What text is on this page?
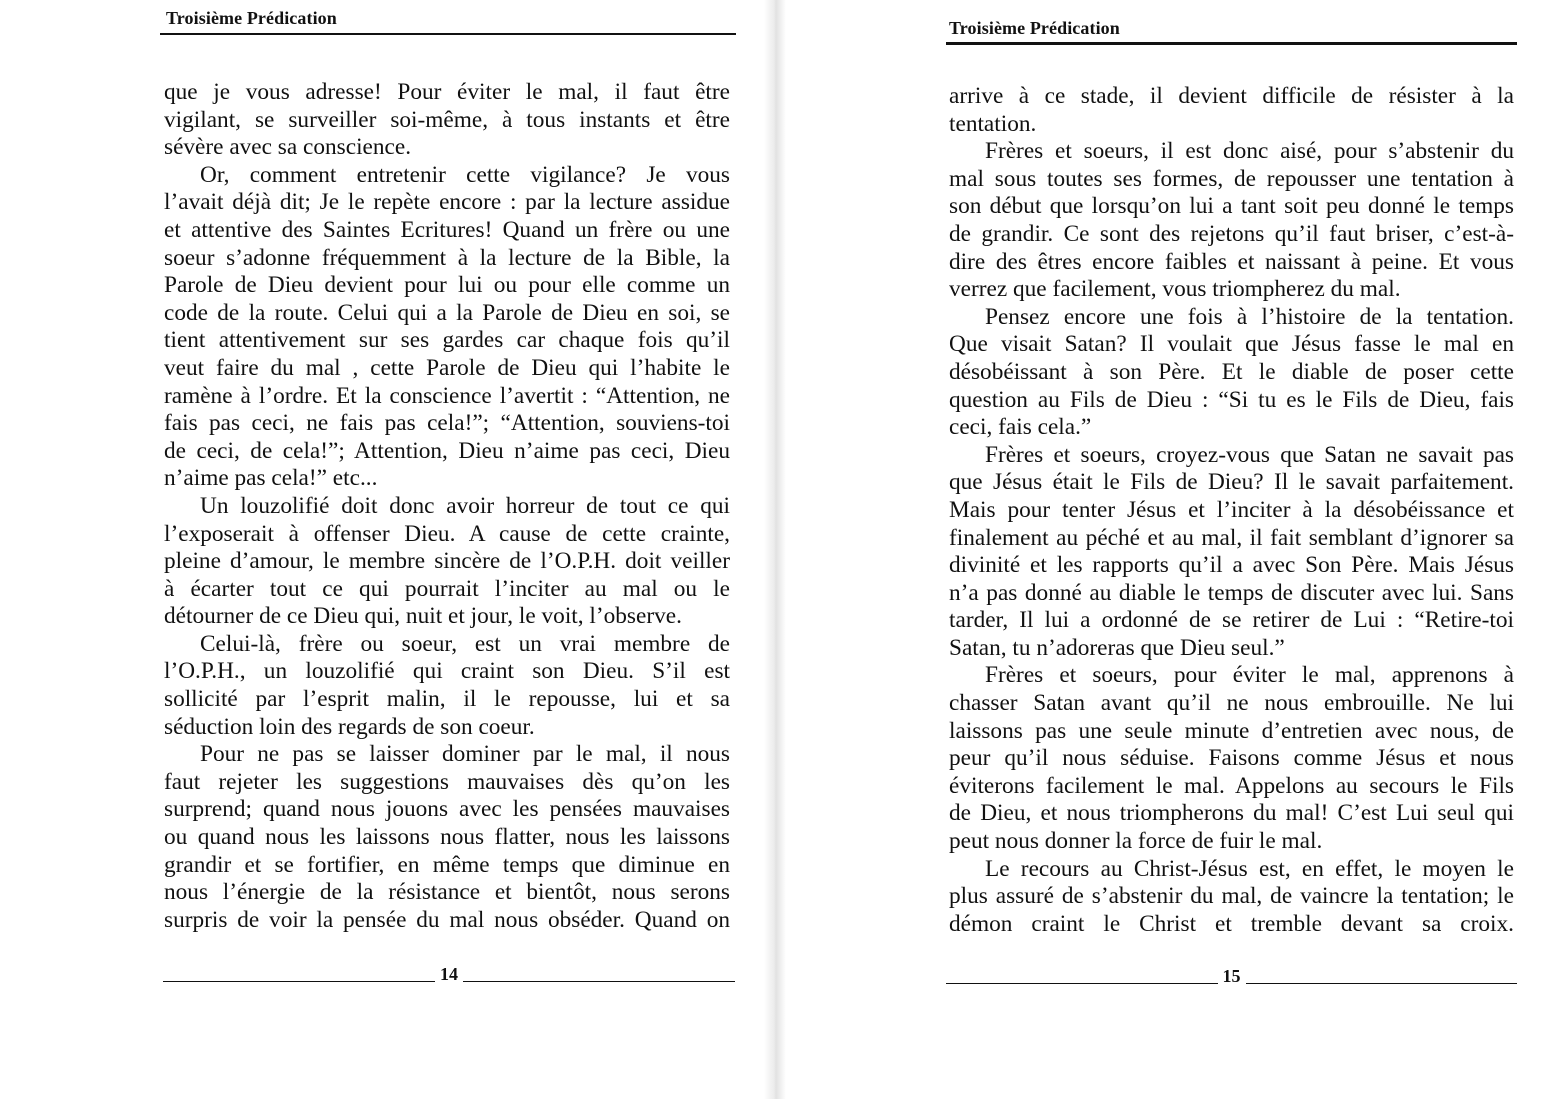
Troisième Prédication
que je vous adresse! Pour éviter le mal, il faut être
vigilant, se surveiller soi-même, à tous instants et être
sévère avec sa conscience.
Or, comment entretenir cette vigilance? Je vous
l’avait déjà dit; Je le repète encore : par la lecture assidue
et attentive des Saintes Ecritures! Quand un frère ou une
soeur s’adonne fréquemment à la lecture de la Bible, la
Parole de Dieu devient pour lui ou pour elle comme un
code de la route. Celui qui a la Parole de Dieu en soi, se
tient attentivement sur ses gardes car chaque fois qu’il
veut faire du mal , cette Parole de Dieu qui l’habite le
ramène à l’ordre. Et la conscience l’avertit : “Attention, ne
fais pas ceci, ne fais pas cela!”; “Attention, souviens-toi
de ceci, de cela!”; Attention, Dieu n’aime pas ceci, Dieu
n’aime pas cela!” etc...
Un louzolifié doit donc avoir horreur de tout ce qui
l’exposerait à offenser Dieu. A cause de cette crainte,
pleine d’amour, le membre sincère de l’O.P.H. doit veiller
à écarter tout ce qui pourrait l’inciter au mal ou le
détourner de ce Dieu qui, nuit et jour, le voit, l’observe.
Celui-là, frère ou soeur, est un vrai membre de
l’O.P.H., un louzolifié qui craint son Dieu. S’il est
sollicité par l’esprit malin, il le repousse, lui et sa
séduction loin des regards de son coeur.
Pour ne pas se laisser dominer par le mal, il nous
faut rejeter les suggestions mauvaises dès qu’on les
surprend; quand nous jouons avec les pensées mauvaises
ou quand nous les laissons nous flatter, nous les laissons
grandir et se fortifier, en même temps que diminue en
nous l’énergie de la résistance et bientôt, nous serons
surpris de voir la pensée du mal nous obséder. Quand on
14
Troisième Prédication
arrive à ce stade, il devient difficile de résister à la
tentation.
Frères et soeurs, il est donc aisé, pour s’abstenir du
mal sous toutes ses formes, de repousser une tentation à
son début que lorsqu’on lui a tant soit peu donné le temps
de grandir. Ce sont des rejetons qu’il faut briser, c’est-à-
dire des êtres encore faibles et naissant à peine. Et vous
verrez que facilement, vous triompherez du mal.
Pensez encore une fois à l’histoire de la tentation.
Que visait Satan? Il voulait que Jésus fasse le mal en
désobéissant à son Père. Et le diable de poser cette
question au Fils de Dieu : “Si tu es le Fils de Dieu, fais
ceci, fais cela.”
Frères et soeurs, croyez-vous que Satan ne savait pas
que Jésus était le Fils de Dieu? Il le savait parfaitement.
Mais pour tenter Jésus et l’inciter à la désobéissance et
finalement au péché et au mal, il fait semblant d’ignorer sa
divinité et les rapports qu’il a avec Son Père. Mais Jésus
n’a pas donné au diable le temps de discuter avec lui. Sans
tarder, Il lui a ordonné de se retirer de Lui : “Retire-toi
Satan, tu n’adoreras que Dieu seul.”
Frères et soeurs, pour éviter le mal, apprenons à
chasser Satan avant qu’il ne nous embrouille. Ne lui
laissons pas une seule minute d’entretien avec nous, de
peur qu’il nous séduise. Faisons comme Jésus et nous
éviterons facilement le mal. Appelons au secours le Fils
de Dieu, et nous triompherons du mal! C’est Lui seul qui
peut nous donner la force de fuir le mal.
Le recours au Christ-Jésus est, en effet, le moyen le
plus assuré de s’abstenir du mal, de vaincre la tentation; le
démon craint le Christ et tremble devant sa croix.
15
